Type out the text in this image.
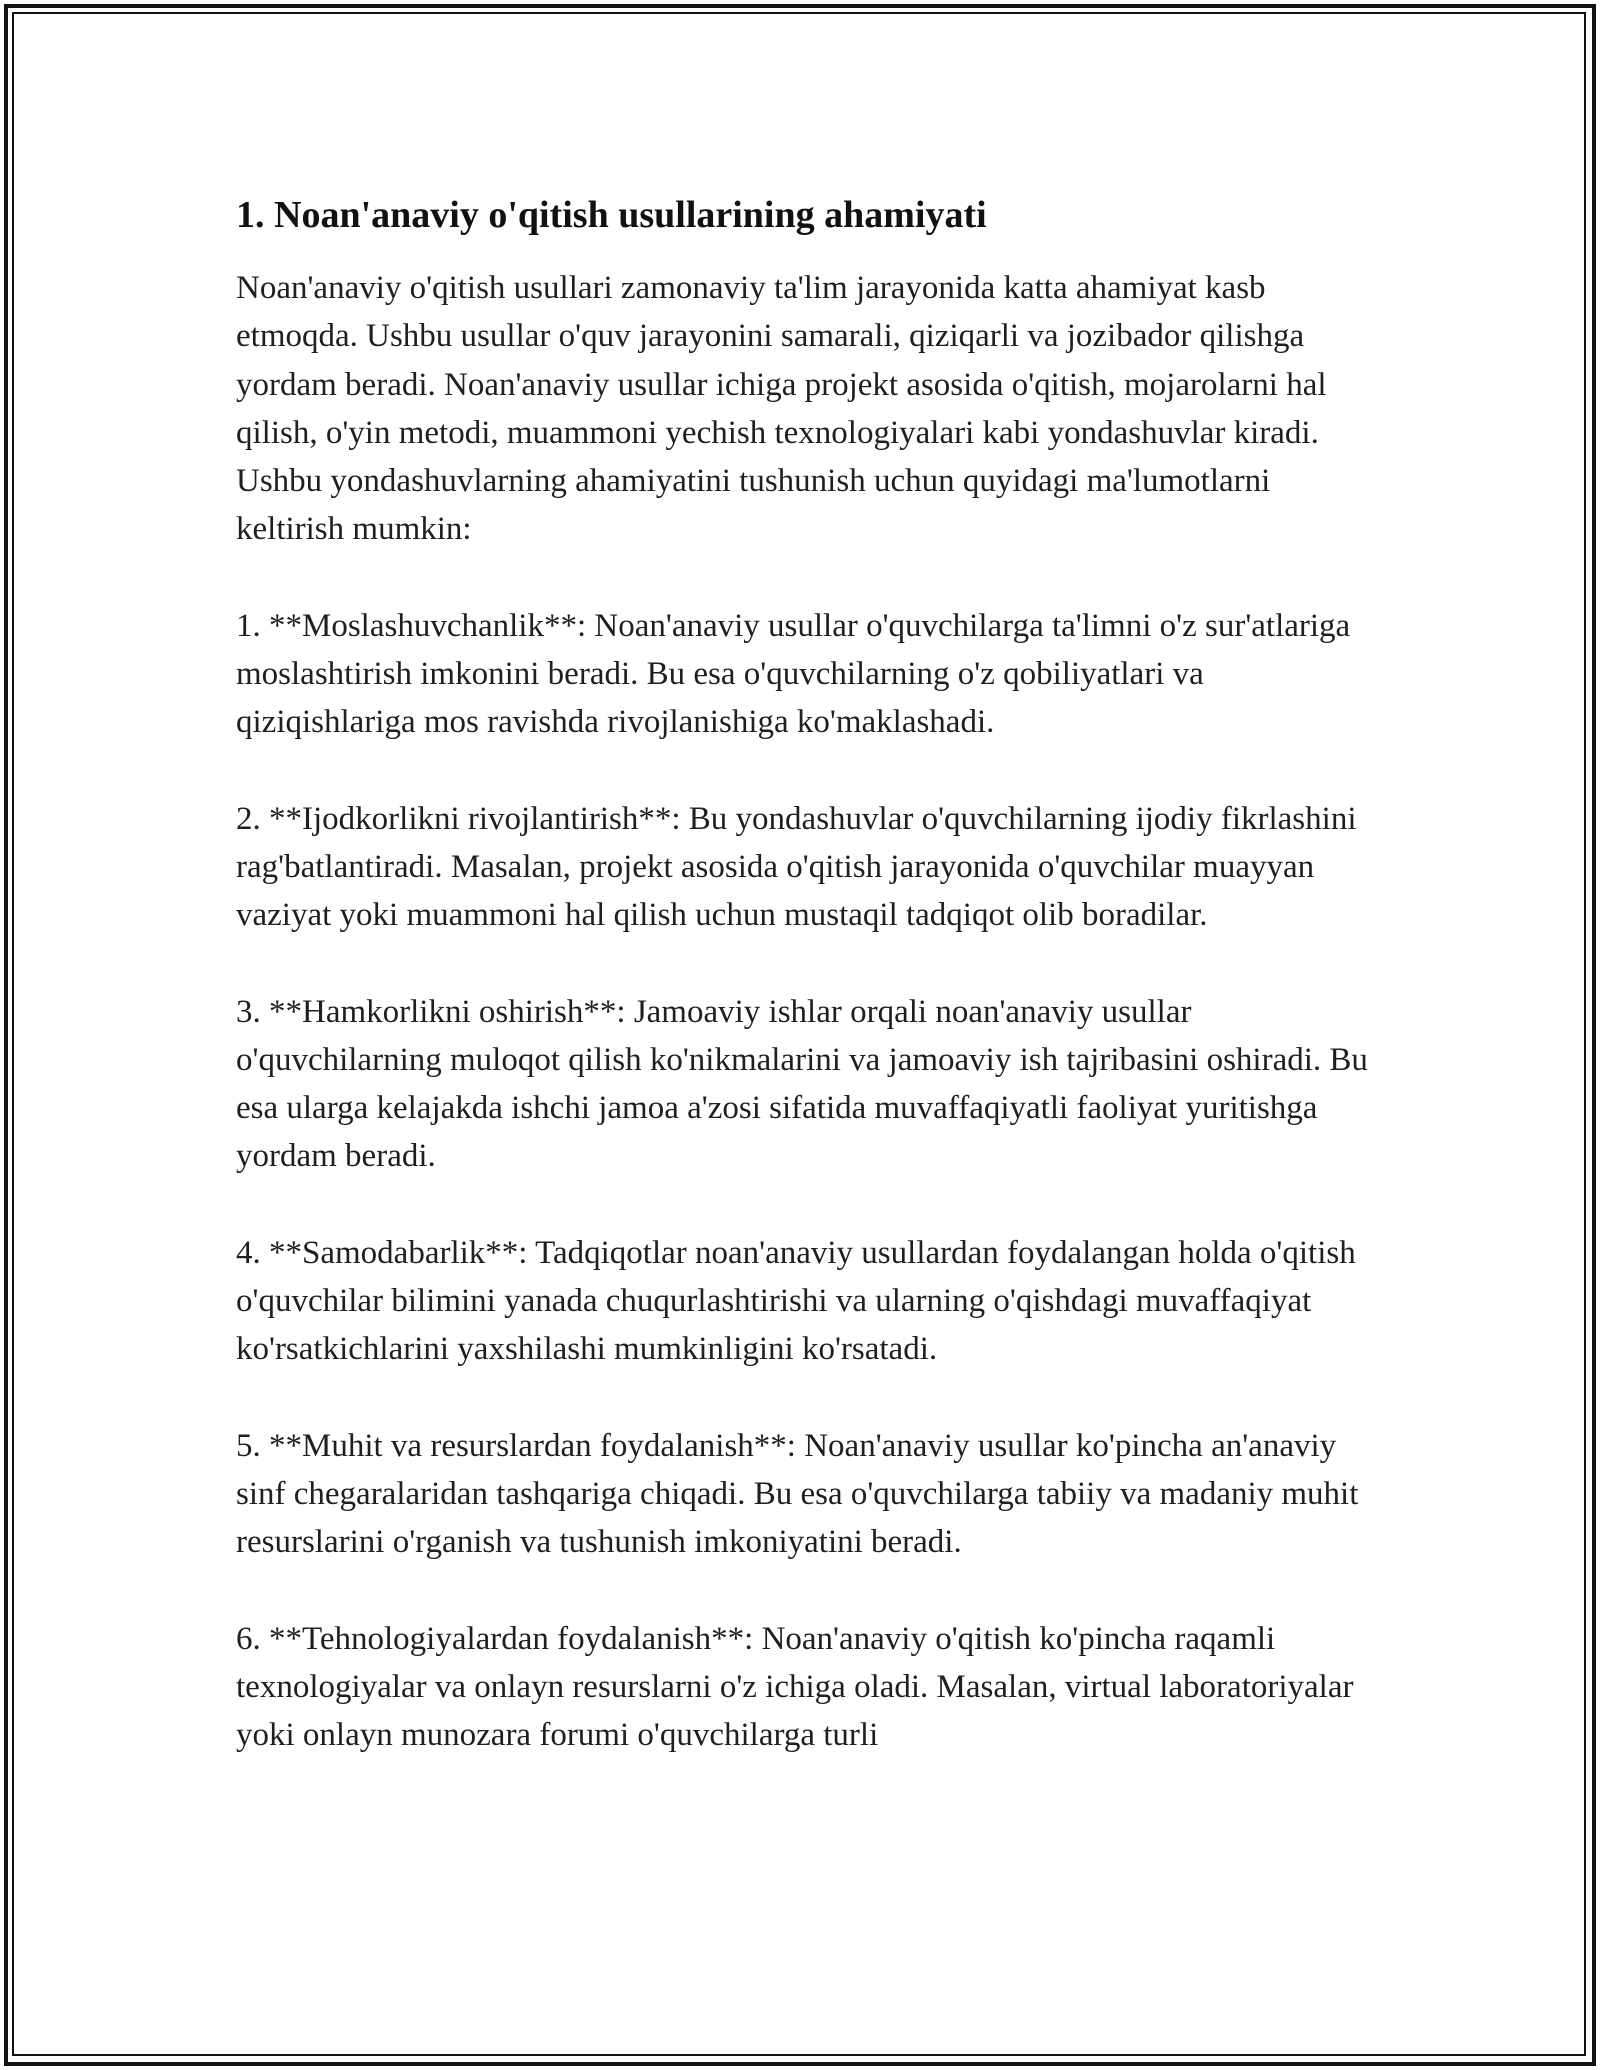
1. Noan'anaviy o'qitish usullarining ahamiyati

Noan'anaviy o'qitish usullari zamonaviy ta'lim jarayonida katta ahamiyat kasb etmoqda. Ushbu usullar o'quv jarayonini samarali, qiziqarli va jozibador qilishga yordam beradi. Noan'anaviy usullar ichiga projekt asosida o'qitish, mojarolarni hal qilish, o'yin metodi, muammoni yechish texnologiyalari kabi yondashuvlar kiradi. Ushbu yondashuvlarning ahamiyatini tushunish uchun quyidagi ma'lumotlarni keltirish mumkin:

1. **Moslashuvchanlik**: Noan'anaviy usullar o'quvchilarga ta'limni o'z sur'atlariga moslashtirish imkonini beradi. Bu esa o'quvchilarning o'z qobiliyatlari va qiziqishlariga mos ravishda rivojlanishiga ko'maklashadi.

2. **Ijodkorlikni rivojlantirish**: Bu yondashuvlar o'quvchilarning ijodiy fikrlashini rag'batlantiradi. Masalan, projekt asosida o'qitish jarayonida o'quvchilar muayyan vaziyat yoki muammoni hal qilish uchun mustaqil tadqiqot olib boradilar.

3. **Hamkorlikni oshirish**: Jamoaviy ishlar orqali noan'anaviy usullar o'quvchilarning muloqot qilish ko'nikmalarini va jamoaviy ish tajribasini oshiradi. Bu esa ularga kelajakda ishchi jamoa a'zosi sifatida muvaffaqiyatli faoliyat yuritishga yordam beradi.

4. **Samodabarlik**: Tadqiqotlar noan'anaviy usullardan foydalangan holda o'qitish o'quvchilar bilimini yanada chuqurlashtirishi va ularning o'qishdagi muvaffaqiyat ko'rsatkichlarini yaxshilashi mumkinligini ko'rsatadi.

5. **Muhit va resurslardan foydalanish**: Noan'anaviy usullar ko'pincha an'anaviy sinf chegaralaridan tashqariga chiqadi. Bu esa o'quvchilarga tabiiy va madaniy muhit resurslarini o'rganish va tushunish imkoniyatini beradi.

6. **Tehnologiyalardan foydalanish**: Noan'anaviy o'qitish ko'pincha raqamli texnologiyalar va onlayn resurslarni o'z ichiga oladi. Masalan, virtual laboratoriyalar yoki onlayn munozara forumi o'quvchilarga turli
